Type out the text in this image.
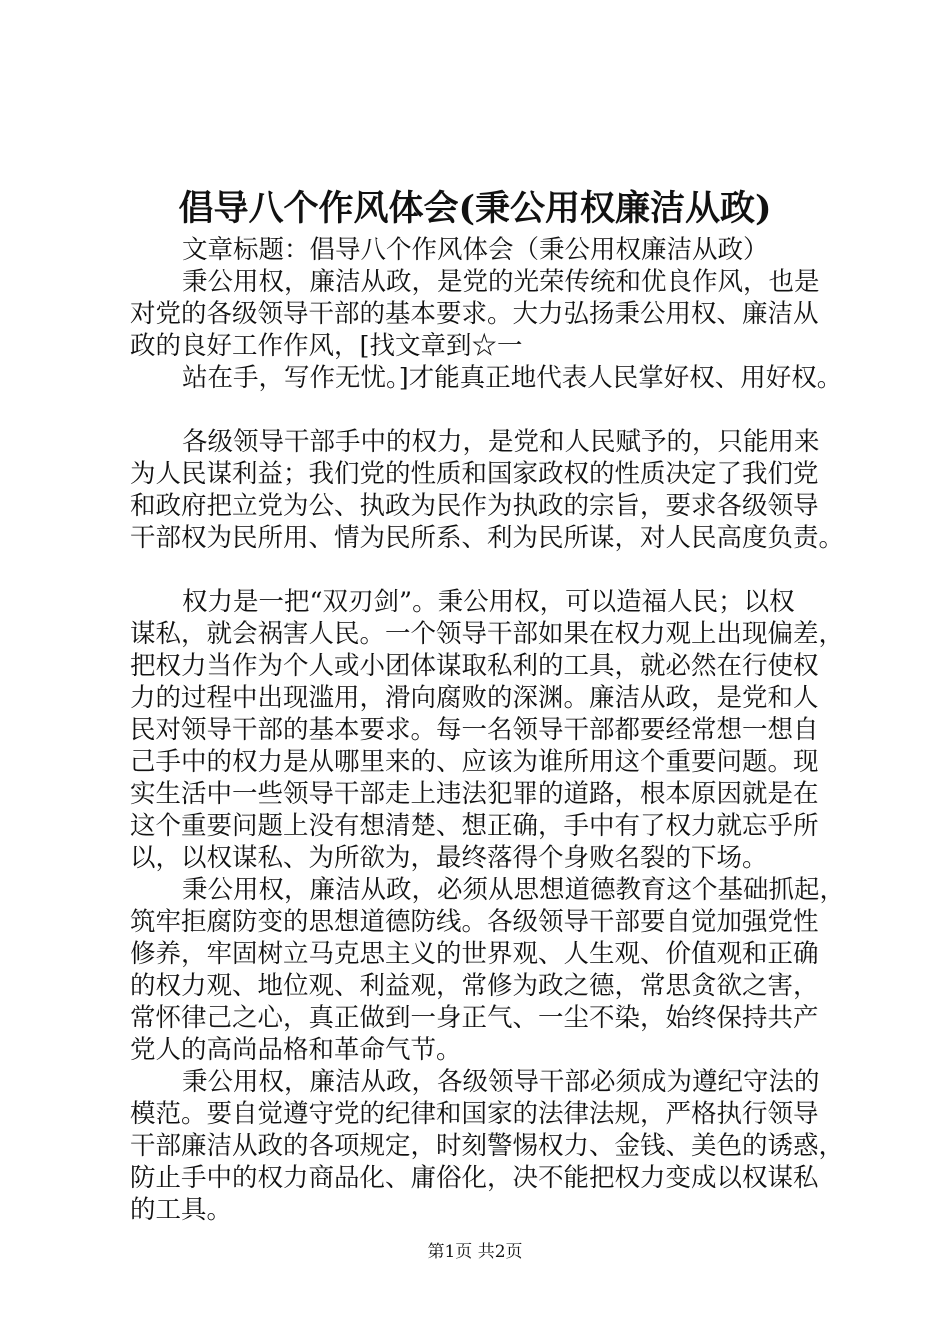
倡导八个作风体会(秉公用权廉洁从政)
文章标题：倡导八个作风体会（秉公用权廉洁从政）
秉公用权，廉洁从政，是党的光荣传统和优良作风，也是
对党的各级领导干部的基本要求。大力弘扬秉公用权、廉洁从
政的良好工作作风，[找文章到☆一
站在手，写作无忧。]才能真正地代表人民掌好权、用好权。
各级领导干部手中的权力，是党和人民赋予的，只能用来
为人民谋利益；我们党的性质和国家政权的性质决定了我们党
和政府把立党为公、执政为民作为执政的宗旨，要求各级领导
干部权为民所用、情为民所系、利为民所谋，对人民高度负责。
权力是一把“双刃剑”。秉公用权，可以造福人民；以权
谋私，就会祸害人民。一个领导干部如果在权力观上出现偏差，
把权力当作为个人或小团体谋取私利的工具，就必然在行使权
力的过程中出现滥用，滑向腐败的深渊。廉洁从政，是党和人
民对领导干部的基本要求。每一名领导干部都要经常想一想自
己手中的权力是从哪里来的、应该为谁所用这个重要问题。现
实生活中一些领导干部走上违法犯罪的道路，根本原因就是在
这个重要问题上没有想清楚、想正确，手中有了权力就忘乎所
以，以权谋私、为所欲为，最终落得个身败名裂的下场。
秉公用权，廉洁从政，必须从思想道德教育这个基础抓起，
筑牢拒腐防变的思想道德防线。各级领导干部要自觉加强党性
修养，牢固树立马克思主义的世界观、人生观、价值观和正确
的权力观、地位观、利益观，常修为政之德，常思贪欲之害，
常怀律己之心，真正做到一身正气、一尘不染，始终保持共产
党人的高尚品格和革命气节。
秉公用权，廉洁从政，各级领导干部必须成为遵纪守法的
模范。要自觉遵守党的纪律和国家的法律法规，严格执行领导
干部廉洁从政的各项规定，时刻警惕权力、金钱、美色的诱惑，
防止手中的权力商品化、庸俗化，决不能把权力变成以权谋私
的工具。
第1页 共2页
